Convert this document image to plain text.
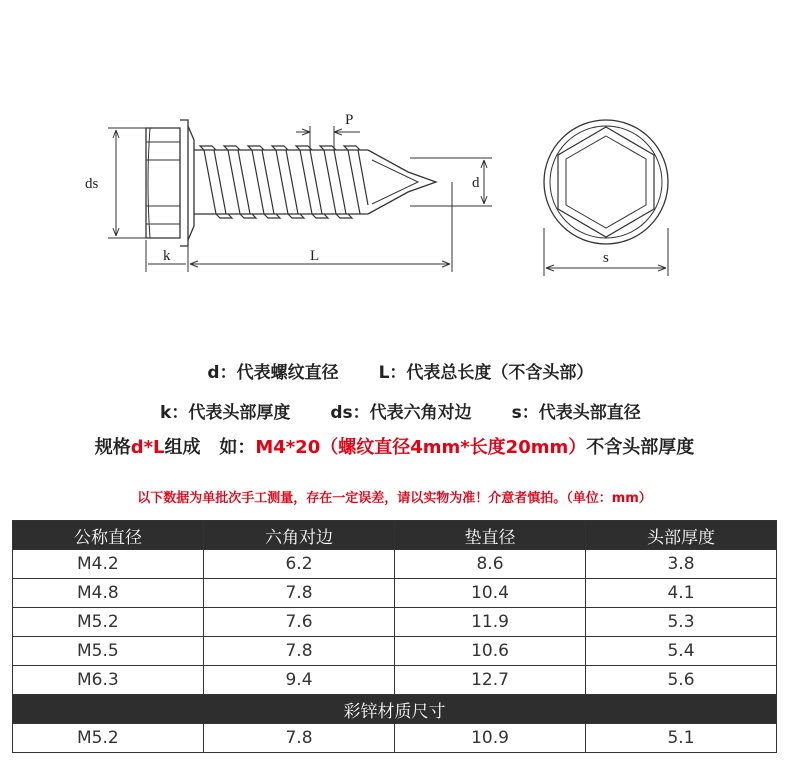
ds
P
d
k	L	s

d：代表螺纹直径 L：代表总长度（不含头部）

k：代表头部厚度 ds：代表六角对边 s：代表头部直径

规格d*L组成   如：M4*20（螺纹直径4mm*长度20mm）不含头部厚度
以下数据为单批次手工测量，存在一定误差，请以实物为准！介意者慎拍。（单位：mm）
公称直径	六角对边	垫直径	头部厚度
M4.2	6.2	8.6	3.8
M4.8	7.8	10.4	4.1
M5.2	7.6	11.9	5.3
M5.5	7.8	10.6	5.4
M6.3	9.4	12.7	5.6
彩锌材质尺寸			
M5.2	7.8	10.9	5.1
